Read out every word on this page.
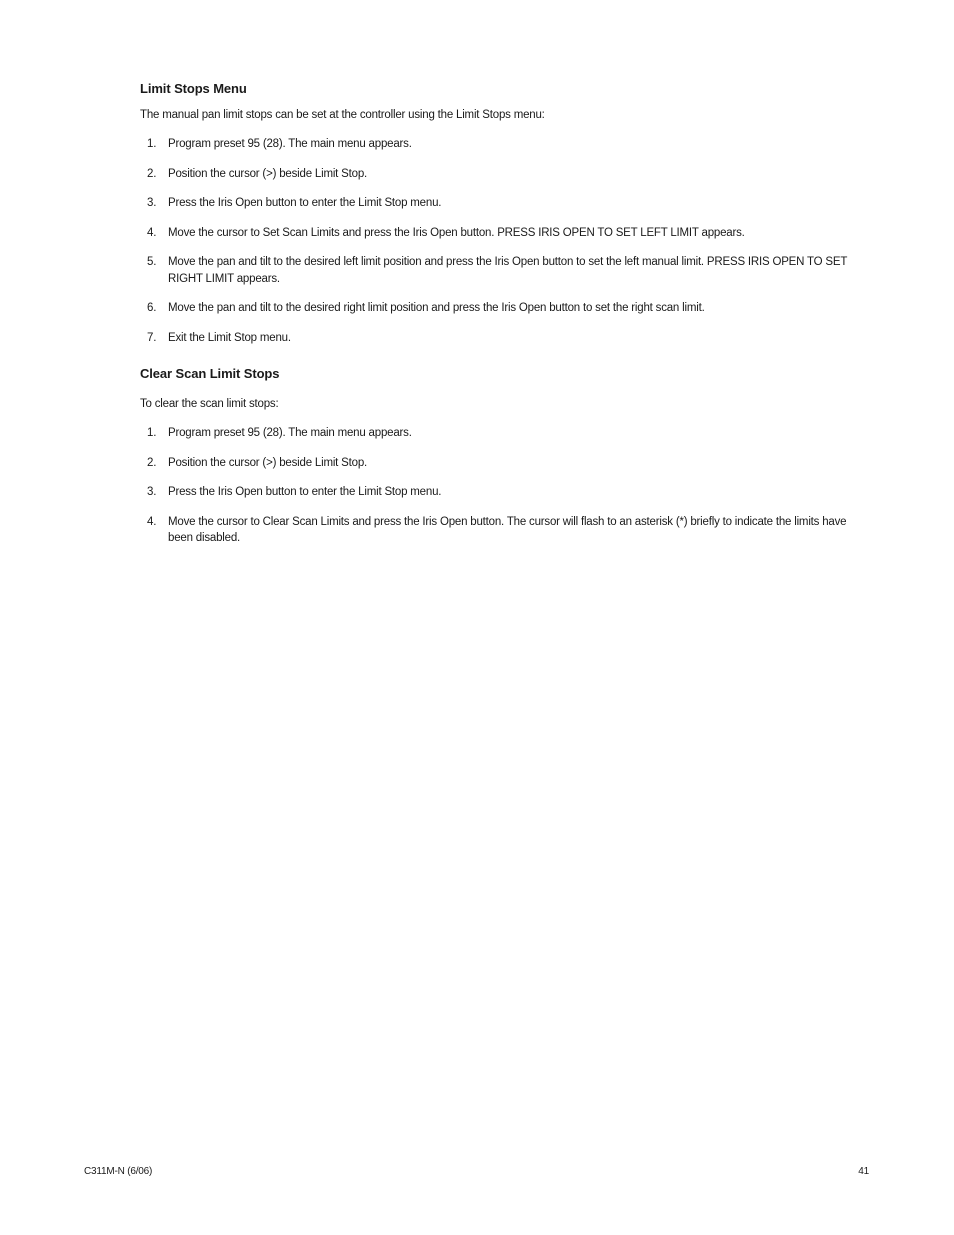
Limit Stops Menu

The manual pan limit stops can be set at the controller using the Limit Stops menu:

1.	Program preset 95 (28). The main menu appears.
2.	Position the cursor (>) beside Limit Stop.
3.	Press the Iris Open button to enter the Limit Stop menu.
4.	Move the cursor to Set Scan Limits and press the Iris Open button. PRESS IRIS OPEN TO SET LEFT LIMIT appears.
5.	Move the pan and tilt to the desired left limit position and press the Iris Open button to set the left manual limit. PRESS IRIS OPEN TO SET RIGHT LIMIT appears.
6.	Move the pan and tilt to the desired right limit position and press the Iris Open button to set the right scan limit.
7.	Exit the Limit Stop menu.
Clear Scan Limit Stops

To clear the scan limit stops:

1.	Program preset 95 (28). The main menu appears.
2.	Position the cursor (>) beside Limit Stop.
3.	Press the Iris Open button to enter the Limit Stop menu.
4.	Move the cursor to Clear Scan Limits and press the Iris Open button. The cursor will flash to an asterisk (*) briefly to indicate the limits have been disabled.
C311M-N (6/06)	41
